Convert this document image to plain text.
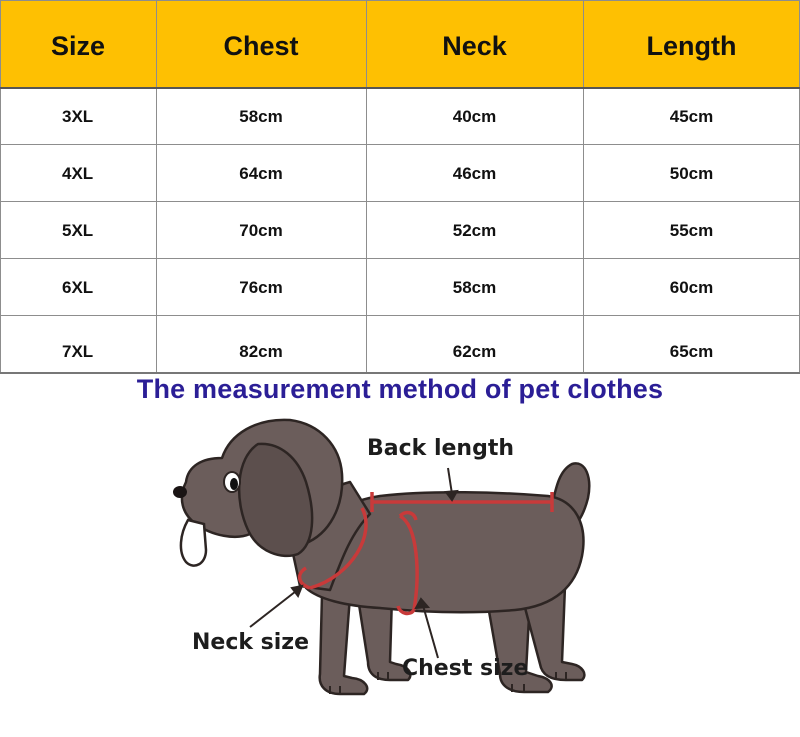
Size	Chest	Neck	Length
3XL	58cm	40cm	45cm
4XL	64cm	46cm	50cm
5XL	70cm	52cm	55cm
6XL	76cm	58cm	60cm
7XL	82cm	62cm	65cm
The measurement method of pet clothes
Back length
Neck size
Chest size
